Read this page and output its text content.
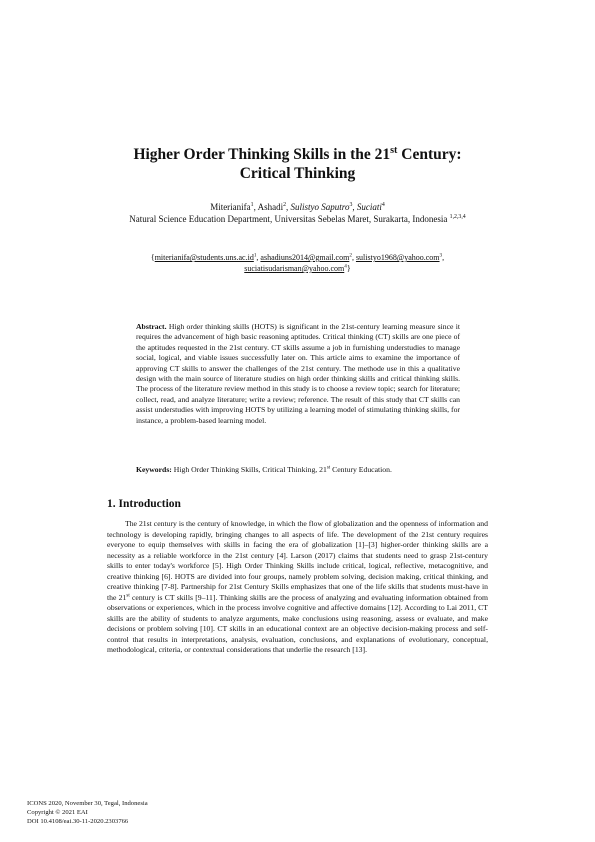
Higher Order Thinking Skills in the 21st Century:
Critical Thinking
Miterianifa$^1$, Ashadi$^2$, Sulistyo Saputro$^3$, Suciati$^4$
Natural Science Education Department, Universitas Sebelas Maret, Surakarta, Indonesia $^{1,2,3,4}$
{$miterianifa@students.uns.ac.id^1$, ashadiuns2014@gmail.com$^2$, sulistyo1968@yahoo.com$^3$,
suciatisudarisman@yahoo.com$^4$}
Abstract. High order thinking skills (HOTS) is significant in the 21st-century learning measure since it requires the advancement of high basic reasoning aptitudes. Critical thinking (CT) skills are one piece of the aptitudes requested in the 21st century. CT skills assume a job in furnishing understudies to manage social, logical, and viable issues successfully later on. This article aims to examine the importance of approving CT skills to answer the challenges of the 21st century. The methode use in this a qualitative design with the main source of literature studies on high order thinking skills and critical thinking skills. The process of the literature review method in this study is to choose a review topic; search for literature; collect, read, and analyze literature; write a review; reference. The result of this study that CT skills can assist understudies with improving HOTS by utilizing a learning model of stimulating thinking skills, for instance, a problem-based learning model.
Keywords: High Order Thinking Skills, Critical Thinking, 21st Century Education.
1. Introduction

The 21st century is the century of knowledge, in which the flow of globalization and the openness of information and technology is developing rapidly, bringing changes to all aspects of life. The development of the 21st century requires everyone to equip themselves with skills in facing the era of globalization [1]–[3] higher-order thinking skills are a necessity as a reliable workforce in the 21st century [4]. Larson (2017) claims that students need to grasp 21st-century skills to enter today's workforce [5]. High Order Thinking Skills include critical, logical, reflective, metacognitive, and creative thinking [6]. HOTS are divided into four groups, namely problem solving, decision making, critical thinking, and creative thinking [7-8]. Partnership for 21st Century Skills emphasizes that one of the life skills that students must-have in the 21st century is CT skills [9–11]. Thinking skills are the process of analyzing and evaluating information obtained from observations or experiences, which in the process involve cognitive and affective domains [12]. According to Lai 2011, CT skills are the ability of students to analyze arguments, make conclusions using reasoning, assess or evaluate, and make decisions or problem solving [10]. CT skills in an educational context are an objective decision-making process and self-control that results in interpretations, analysis, evaluation, conclusions, and explanations of evolutionary, conceptual, methodological, criteria, or contextual considerations that underlie the research [13].

ICONS 2020, November 30, Tegal, Indonesia
Copyright © 2021 EAI
DOI 10.4108/eai.30-11-2020.2303766
